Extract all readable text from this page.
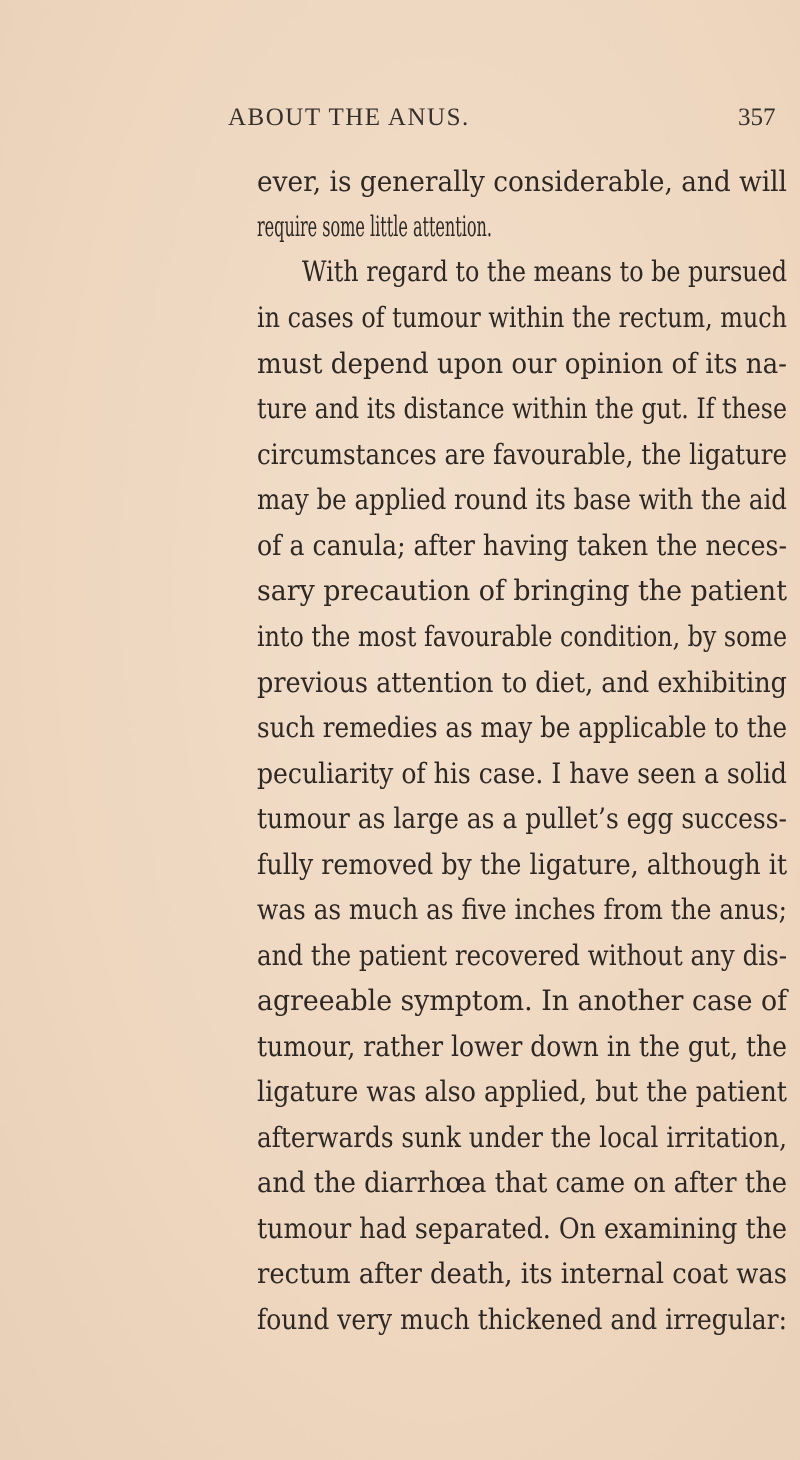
ABOUT THE ANUS.	357
ever, is generally considerable, and will
require some little attention.
With regard to the means to be pursued
in cases of tumour within the rectum, much
must depend upon our opinion of its na-
ture and its distance within the gut. If these
circumstances are favourable, the ligature
may be applied round its base with the aid
of a canula; after having taken the neces-
sary precaution of bringing the patient
into the most favourable condition, by some
previous attention to diet, and exhibiting
such remedies as may be applicable to the
peculiarity of his case. I have seen a solid
tumour as large as a pullet’s egg success-
fully removed by the ligature, although it
was as much as five inches from the anus;
and the patient recovered without any dis-
agreeable symptom. In another case of
tumour, rather lower down in the gut, the
ligature was also applied, but the patient
afterwards sunk under the local irritation,
and the diarrhœa that came on after the
tumour had separated. On examining the
rectum after death, its internal coat was
found very much thickened and irregular:
